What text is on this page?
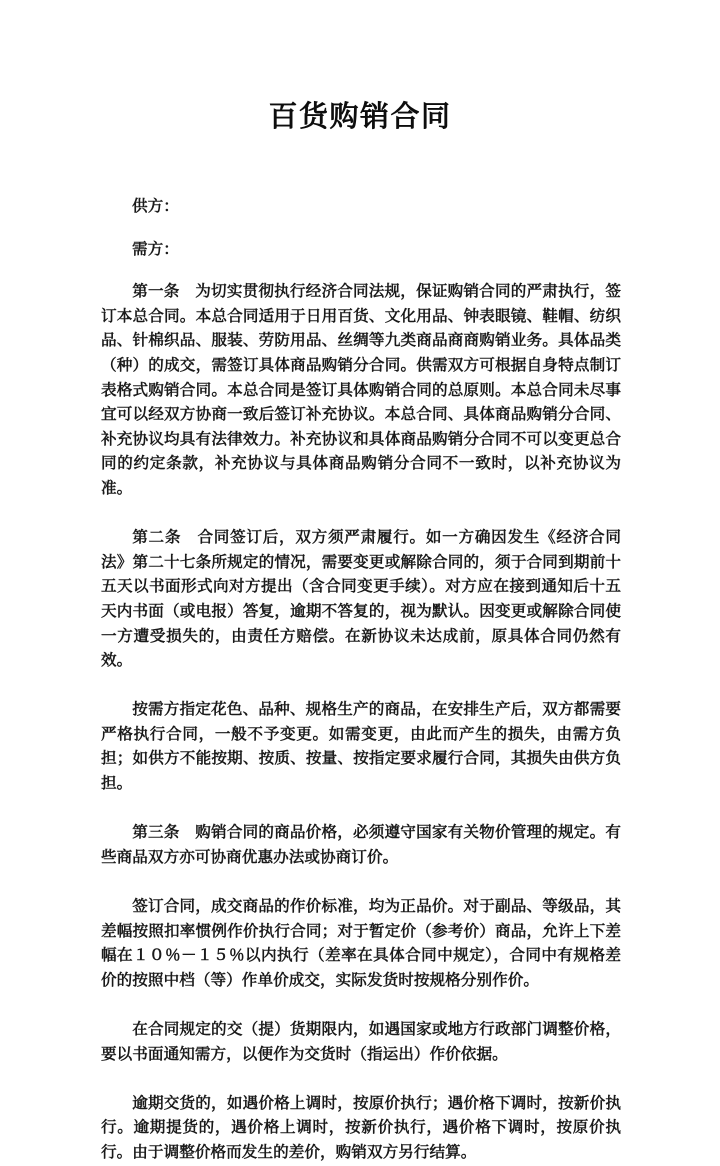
百货购销合同

供方：

需方：

第一条　为切实贯彻执行经济合同法规，保证购销合同的严肃执行，签订本总合同。本总合同适用于日用百货、文化用品、钟表眼镜、鞋帽、纺织品、针棉织品、服装、劳防用品、丝绸等九类商品商商购销业务。具体品类（种）的成交，需签订具体商品购销分合同。供需双方可根据自身特点制订表格式购销合同。本总合同是签订具体购销合同的总原则。本总合同未尽事宜可以经双方协商一致后签订补充协议。本总合同、具体商品购销分合同、补充协议均具有法律效力。补充协议和具体商品购销分合同不可以变更总合同的约定条款，补充协议与具体商品购销分合同不一致时，以补充协议为准。

第二条　合同签订后，双方须严肃履行。如一方确因发生《经济合同法》第二十七条所规定的情况，需要变更或解除合同的，须于合同到期前十五天以书面形式向对方提出（含合同变更手续）。对方应在接到通知后十五天内书面（或电报）答复，逾期不答复的，视为默认。因变更或解除合同使一方遭受损失的，由责任方赔偿。在新协议未达成前，原具体合同仍然有效。

按需方指定花色、品种、规格生产的商品，在安排生产后，双方都需要严格执行合同，一般不予变更。如需变更，由此而产生的损失，由需方负担；如供方不能按期、按质、按量、按指定要求履行合同，其损失由供方负担。

第三条　购销合同的商品价格，必须遵守国家有关物价管理的规定。有些商品双方亦可协商优惠办法或协商订价。

签订合同，成交商品的作价标准，均为正品价。对于副品、等级品，其差幅按照扣率惯例作价执行合同；对于暂定价（参考价）商品，允许上下差幅在１０％－１５％以内执行（差率在具体合同中规定），合同中有规格差价的按照中档（等）作单价成交，实际发货时按规格分别作价。

在合同规定的交（提）货期限内，如遇国家或地方行政部门调整价格，要以书面通知需方，以便作为交货时（指运出）作价依据。

逾期交货的，如遇价格上调时，按原价执行；遇价格下调时，按新价执行。逾期提货的，遇价格上调时，按新价执行，遇价格下调时，按原价执行。由于调整价格而发生的差价，购销双方另行结算。
